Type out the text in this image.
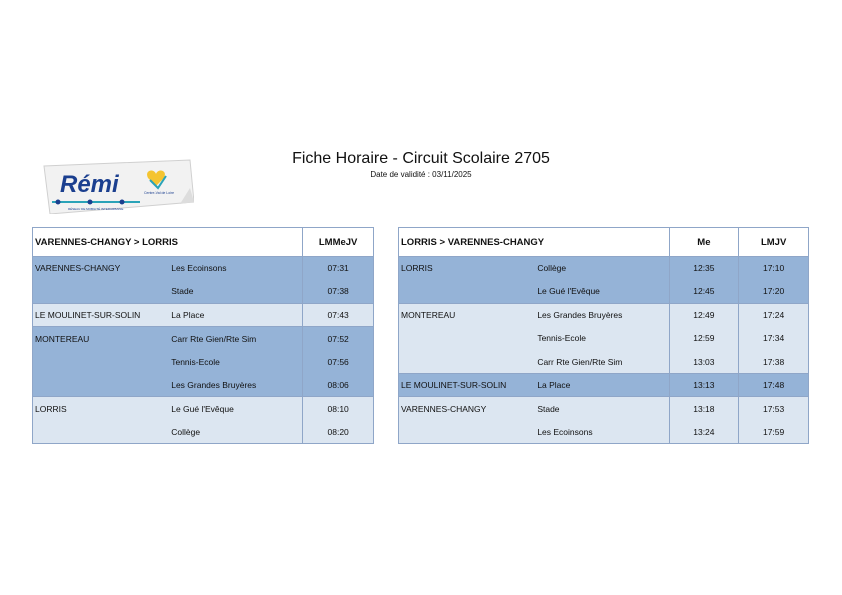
Rémi
RÉSEAU DE MOBILITÉ INTERURBAINE
Centre-Val de Loire
Fiche Horaire - Circuit Scolaire 2705
Date de validité : 03/11/2025
VARENNES-CHANGY > LORRIS		LMMeJV
VARENNES-CHANGY	Les Ecoinsons	07:31
	Stade	07:38
LE MOULINET-SUR-SOLIN	La Place	07:43
MONTEREAU	Carr Rte Gien/Rte Sim	07:52
	Tennis-Ecole	07:56
	Les Grandes Bruyères	08:06
LORRIS	Le Gué l'Evêque	08:10
	Collège	08:20
LORRIS > VARENNES-CHANGY		Me	LMJV
LORRIS	Collège	12:35	17:10
	Le Gué l'Evêque	12:45	17:20
MONTEREAU	Les Grandes Bruyères	12:49	17:24
	Tennis-Ecole	12:59	17:34
	Carr Rte Gien/Rte Sim	13:03	17:38
LE MOULINET-SUR-SOLIN	La Place	13:13	17:48
VARENNES-CHANGY	Stade	13:18	17:53
	Les Ecoinsons	13:24	17:59
